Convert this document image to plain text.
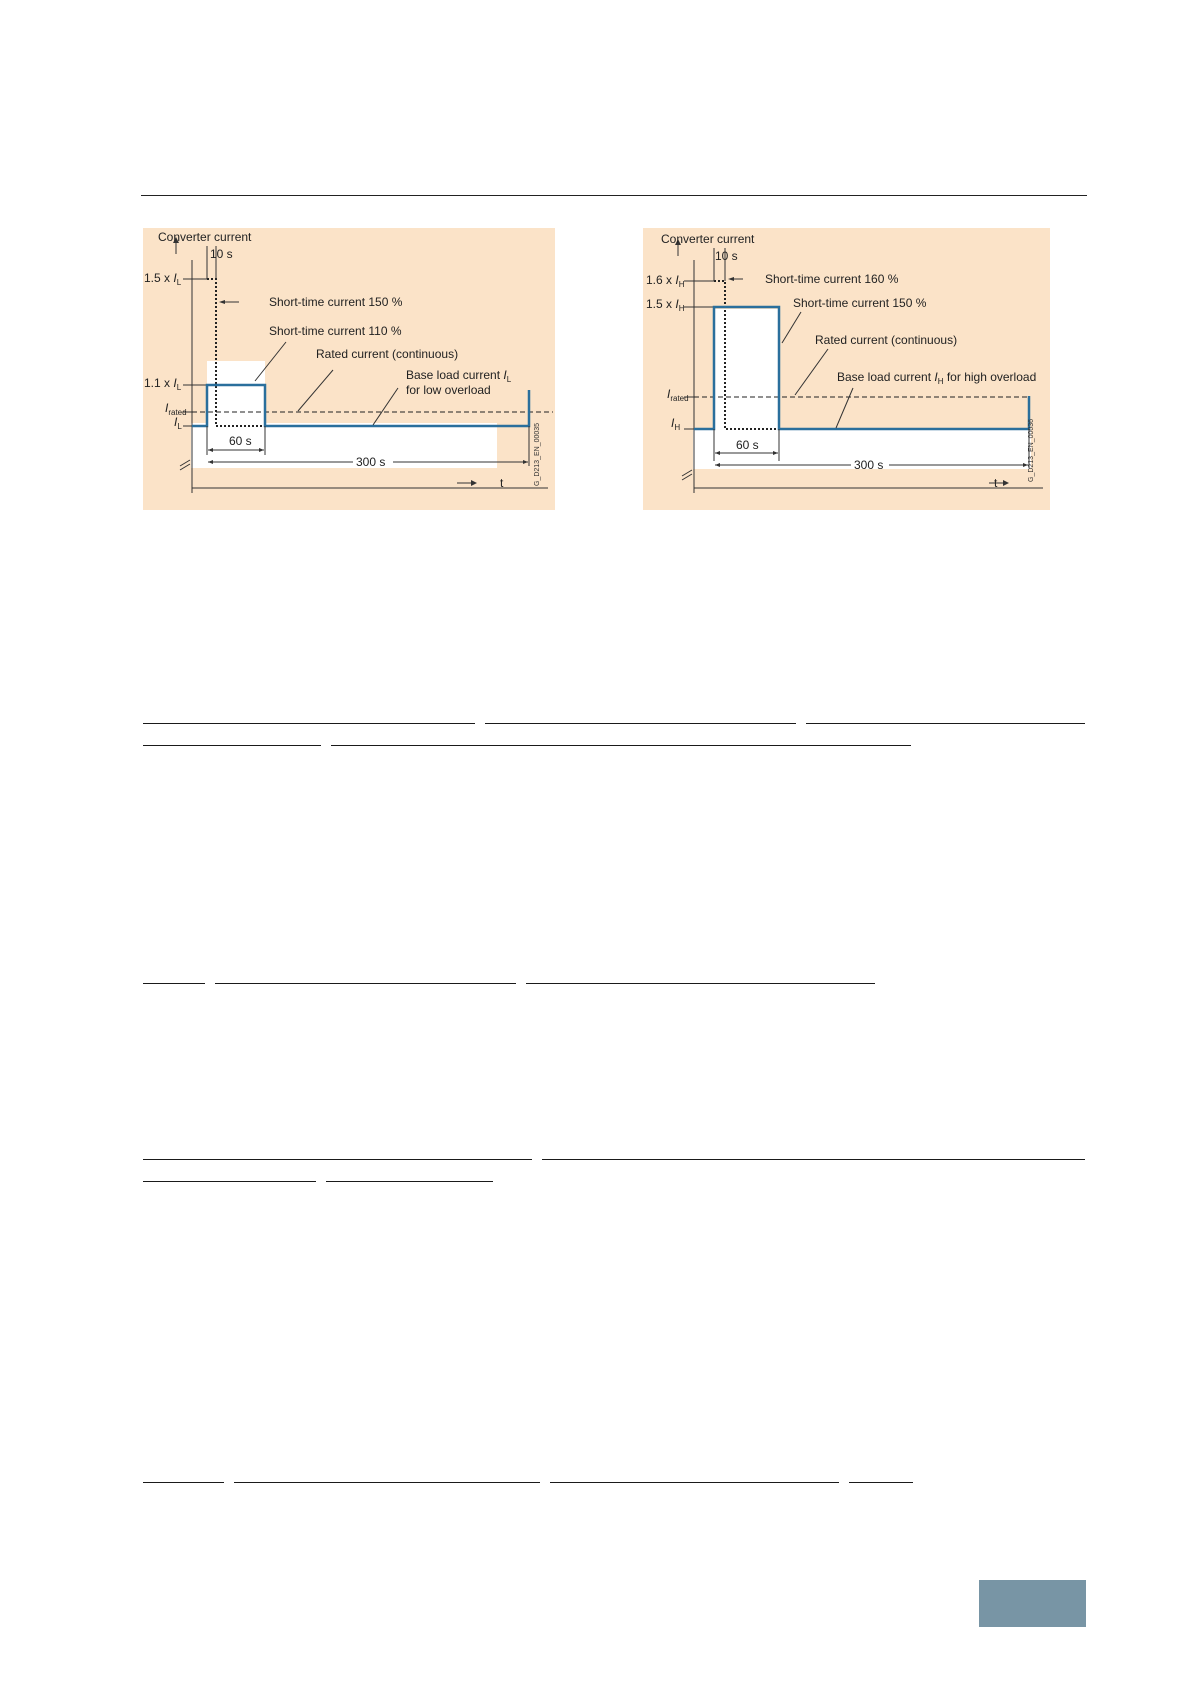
Converter current
10 s
1.5 x $I_L$
1.1 x $I_L$
$I_{rated}$
$I_L$
Short-time current 150 %
Short-time current 110 %
Rated current (continuous)
Base load current $I_L$
for low overload
60 s
300 s
t	G_D213_EN_00035
Converter current
10 s
1.6 x $I_H$
1.5 x $I_H$
$I_{rated}$
$I_H$
Short-time current 160 %
Short-time current 150 %
Rated current (continuous)
Base load current $I_H$ for high overload
60 s
300 s
t
G_D213_EN_00036
